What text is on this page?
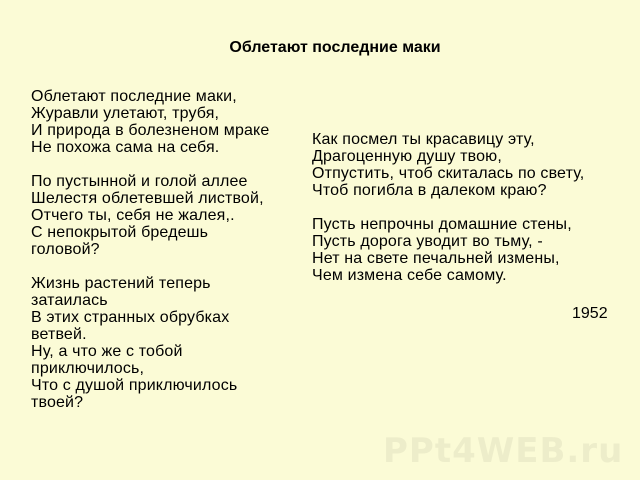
Облетают последние маки
Облетают последние маки,
Журавли улетают, трубя,
И природа в болезненом мраке
Не похожа сама на себя.
По пустынной и голой аллее
Шелестя облетевшей листвой,
Отчего ты, себя не жалея,.
С непокрытой бредешь
головой?
Жизнь растений теперь
затаилась
В этих странных обрубках
ветвей.
Ну, а что же с тобой
приключилось,
Что с душой приключилось
твоей?
Как посмел ты красавицу эту,
Драгоценную душу твою,
Отпустить, чтоб скиталась по свету,
Чтоб погибла в далеком краю?
Пусть непрочны домашние стены,
Пусть дорога уводит во тьму, -
Нет на свете печальней измены,
Чем измена себе самому.
1952
PPt4WEB.ru
